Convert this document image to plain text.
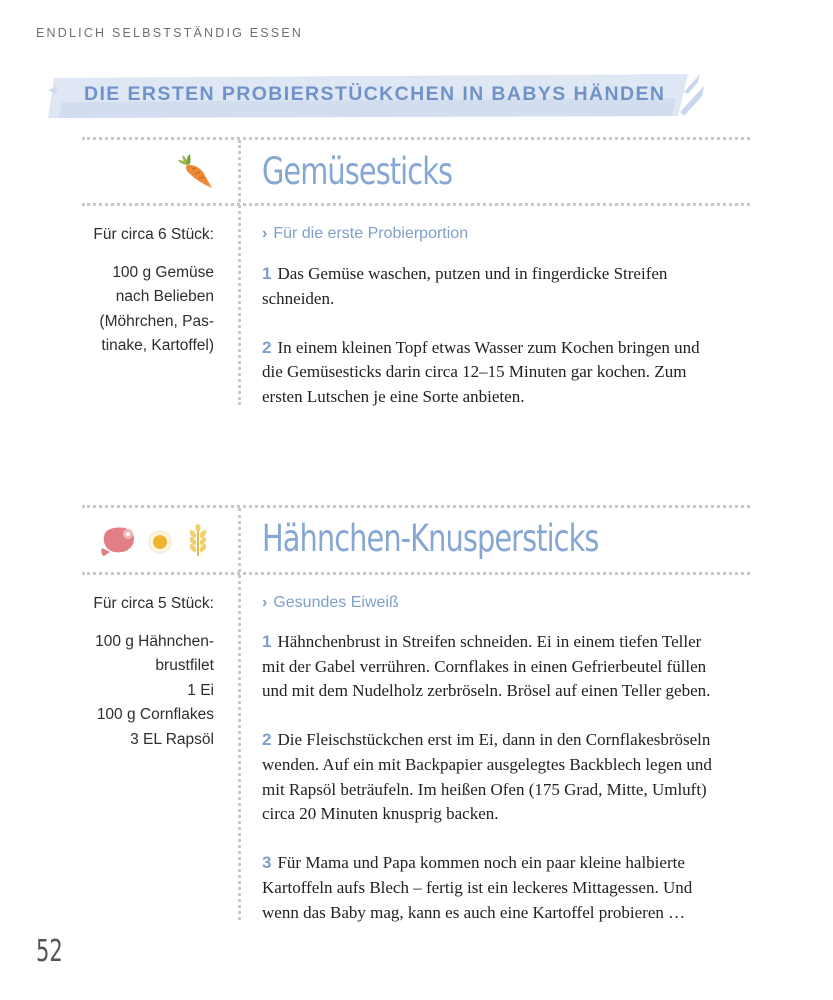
ENDLICH SELBSTSTÄNDIG ESSEN
DIE ERSTEN PROBIERSTÜCKCHEN IN BABYS HÄNDEN
Gemüsesticks
Für circa 6 Stück:
100 g Gemüse
nach Belieben
(Möhrchen, Pas-
tinake, Kartoffel)
› Für die erste Probierportion
1 Das Gemüse waschen, putzen und in fingerdicke Streifen
schneiden.
2 In einem kleinen Topf etwas Wasser zum Kochen bringen und
die Gemüsesticks darin circa 12–15 Minuten gar kochen. Zum
ersten Lutschen je eine Sorte anbieten.
Hähnchen-Knuspersticks
Für circa 5 Stück:
100 g Hähnchen-
brustfilet
1 Ei
100 g Cornflakes
3 EL Rapsöl
› Gesundes Eiweiß
1 Hähnchenbrust in Streifen schneiden. Ei in einem tiefen Teller
mit der Gabel verrühren. Cornflakes in einen Gefrierbeutel füllen
und mit dem Nudelholz zerbröseln. Brösel auf einen Teller geben.
2 Die Fleischstückchen erst im Ei, dann in den Cornflakesbröseln
wenden. Auf ein mit Backpapier ausgelegtes Backblech legen und
mit Rapsöl beträufeln. Im heißen Ofen (175 Grad, Mitte, Umluft)
circa 20 Minuten knusprig backen.
3 Für Mama und Papa kommen noch ein paar kleine halbierte
Kartoffeln aufs Blech – fertig ist ein leckeres Mittagessen. Und
wenn das Baby mag, kann es auch eine Kartoffel probieren …
52
